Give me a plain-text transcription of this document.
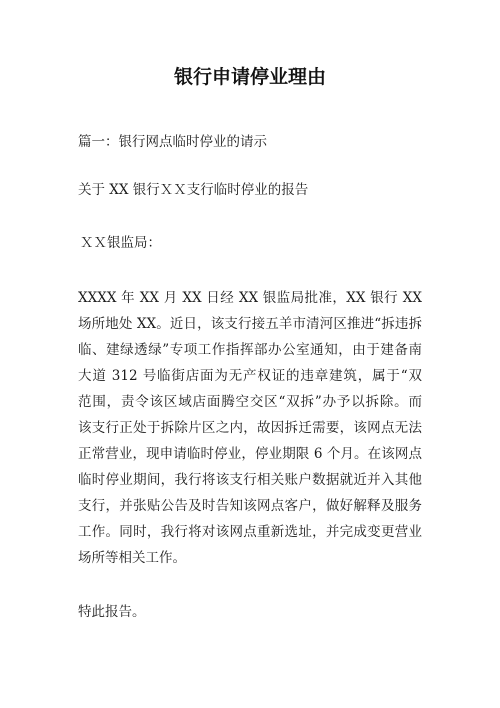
银行申请停业理由
篇一：银行网点临时停业的请示
关于 XX 银行ＸＸ支行临时停业的报告
ＸＸ银监局：
XXXX 年 XX 月 XX 日经 XX 银监局批准，XX 银行 XX
场所地处 XX。近日，该支行接五羊市清河区推进“拆违拆
临、建绿透绿”专项工作指挥部办公室通知，由于建备南
大道 312 号临街店面为无产权证的违章建筑，属于“双
范围，责令该区域店面腾空交区“双拆”办予以拆除。而
该支行正处于拆除片区之内，故因拆迁需要，该网点无法
正常营业，现申请临时停业，停业期限 6 个月。在该网点
临时停业期间，我行将该支行相关账户数据就近并入其他
支行，并张贴公告及时告知该网点客户，做好解释及服务
工作。同时，我行将对该网点重新选址，并完成变更营业
场所等相关工作。
特此报告。
